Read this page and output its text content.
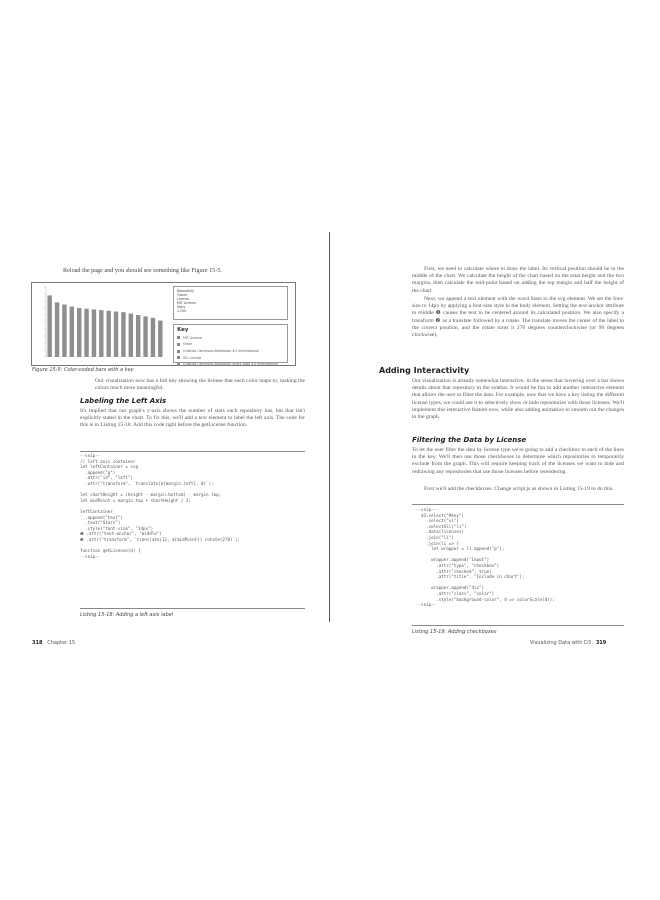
Reload the page and you should see something like Figure 15-5.
Repository
Owner
License
MIT License
Stars
1,200
Key
MIT License
Other
Creative Commons Attribution 4.0 International
ISC License
Creative Commons Attribution Share Alike 4.0 International
Figure 15-5: Color-coded bars with a key

Our visualization now has a full key showing the license that each color maps to, making the colors much more meaningful.

Labeling the Left Axis

It's implied that our graph's y-axis shows the number of stars each repository has, but that isn't explicitly stated in the chart. To fix this, we'll add a text element to label the left axis. The code for this is in Listing 15-18. Add this code right before the getLicense function.

--snip--
// left axis container
let leftContainer = svg
.append("g")
.attr("id", "left")
.attr("transform", `translate(${margin.left}, 0)`);

let chartHeight = (height - margin.bottom) - margin.top;
let midPoint = margin.top + chartHeight / 2;

leftContainer
.append("text")
.text("Stars")
.style("font-size", "14px")
❶ .attr("text-anchor", "middle")
❷ .attr("transform", `translate(12, ${midPoint}) rotate(270)`);

function getLicense(d) {
--snip--
Listing 15-18: Adding a left axis label
318 Chapter 15

First, we need to calculate where to draw the label. Its vertical position should be in the middle of the chart. We calculate the height of the chart based on the total height and the two margins, then calculate the mid-point based on adding the top margin and half the height of the chart.

Next, we append a text element with the word Stars to the svg element. We set the font-size to 14px by applying a font-size style to the body element. Setting the text-anchor attribute to middle ❶ causes the text to be centered around its calculated position. We also specify a transform ❷ as a translate followed by a rotate. The translate moves the center of the label to the correct position, and the rotate turns it 270 degrees counterclockwise (or 90 degrees clockwise).

Adding Interactivity

Our visualization is already somewhat interactive, in the sense that hovering over a bar shows details about that repository in the sidebar. It would be fun to add another interactive element that allows the user to filter the data. For example, now that we have a key listing the different license types, we could use it to selectively show or hide repositories with those licenses. We'll implement this interactive feature now, while also adding animation to smooth out the changes to the graph.

Filtering the Data by License

To let the user filter the data by license type we're going to add a checkbox to each of the lines in the key. We'll then use those checkboxes to determine which repositories to temporarily exclude from the graph. This will require keeping track of the licenses we want to hide and redrawing any repositories that use those licenses before rerendering.

First we'll add the checkboxes. Change script.js as shown in Listing 15-19 to do this.

--snip--
d3.select("#key")
.select("ul")
.selectAll("li")
.data(licenses)
.join("li")
.join(li => {
let wrapper = li.append("p");

wrapper.append("input")
.attr("type", "checkbox")
.attr("checked", true)
.attr("title", "Include in chart");

wrapper.append("div")
.attr("class", "color")
.style("background-color", d => colorScale(d));
--snip--
Listing 15-19: Adding checkboxes
Visualizing Data with D3 319
